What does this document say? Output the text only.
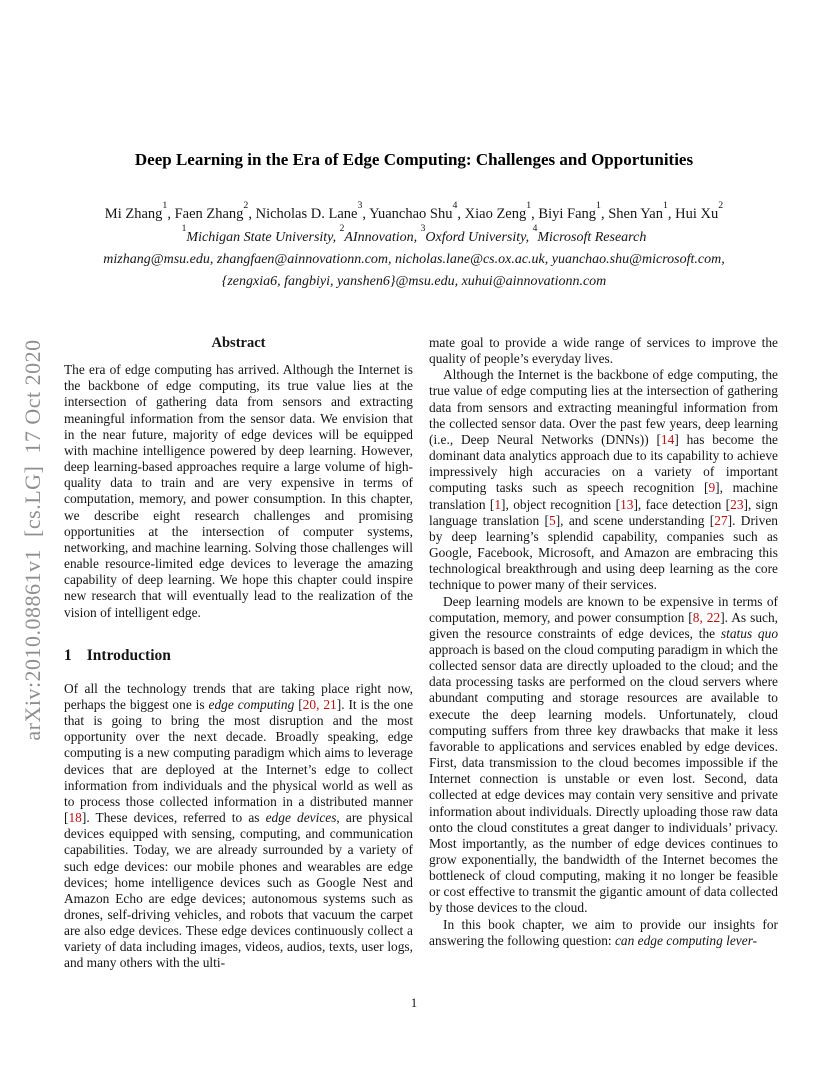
arXiv:2010.08861v1  [cs.LG]  17 Oct 2020
Deep Learning in the Era of Edge Computing: Challenges and Opportunities
Mi Zhang$^1$, Faen Zhang$^2$, Nicholas D. Lane$^3$, Yuanchao Shu$^4$, Xiao Zeng$^1$, Biyi Fang$^1$, Shen Yan$^1$, Hui Xu$^2$
$^1$Michigan State University, $^2$AInnovation, $^3$Oxford University, $^4$Microsoft Research
mizhang@msu.edu, zhangfaen@ainnovationn.com, nicholas.lane@cs.ox.ac.uk, yuanchao.shu@microsoft.com,
{zengxia6, fangbiyi, yanshen6}@msu.edu, xuhui@ainnovationn.com
Abstract

The era of edge computing has arrived. Although the Internet is the backbone of edge computing, its true value lies at the intersection of gathering data from sensors and extracting meaningful information from the sensor data. We envision that in the near future, majority of edge devices will be equipped with machine intelligence powered by deep learning. However, deep learning-based approaches require a large volume of high-quality data to train and are very expensive in terms of computation, memory, and power consumption. In this chapter, we describe eight research challenges and promising opportunities at the intersection of computer systems, networking, and machine learning. Solving those challenges will enable resource-limited edge devices to leverage the amazing capability of deep learning. We hope this chapter could inspire new research that will eventually lead to the realization of the vision of intelligent edge.

1 Introduction

Of all the technology trends that are taking place right now, perhaps the biggest one is edge computing [20, 21]. It is the one that is going to bring the most disruption and the most opportunity over the next decade. Broadly speaking, edge computing is a new computing paradigm which aims to leverage devices that are deployed at the Internet’s edge to collect information from individuals and the physical world as well as to process those collected information in a distributed manner [18]. These devices, referred to as edge devices, are physical devices equipped with sensing, computing, and communication capabilities. Today, we are already surrounded by a variety of such edge devices: our mobile phones and wearables are edge devices; home intelligence devices such as Google Nest and Amazon Echo are edge devices; autonomous systems such as drones, self-driving vehicles, and robots that vacuum the carpet are also edge devices. These edge devices continuously collect a variety of data including images, videos, audios, texts, user logs, and many others with the ulti-

mate goal to provide a wide range of services to improve the quality of people’s everyday lives.

Although the Internet is the backbone of edge computing, the true value of edge computing lies at the intersection of gathering data from sensors and extracting meaningful information from the collected sensor data. Over the past few years, deep learning (i.e., Deep Neural Networks (DNNs)) [14] has become the dominant data analytics approach due to its capability to achieve impressively high accuracies on a variety of important computing tasks such as speech recognition [9], machine translation [1], object recognition [13], face detection [23], sign language translation [5], and scene understanding [27]. Driven by deep learning’s splendid capability, companies such as Google, Facebook, Microsoft, and Amazon are embracing this technological breakthrough and using deep learning as the core technique to power many of their services.

Deep learning models are known to be expensive in terms of computation, memory, and power consumption [8, 22]. As such, given the resource constraints of edge devices, the status quo approach is based on the cloud computing paradigm in which the collected sensor data are directly uploaded to the cloud; and the data processing tasks are performed on the cloud servers where abundant computing and storage resources are available to execute the deep learning models. Unfortunately, cloud computing suffers from three key drawbacks that make it less favorable to applications and services enabled by edge devices. First, data transmission to the cloud becomes impossible if the Internet connection is unstable or even lost. Second, data collected at edge devices may contain very sensitive and private information about individuals. Directly uploading those raw data onto the cloud constitutes a great danger to individuals’ privacy. Most importantly, as the number of edge devices continues to grow exponentially, the bandwidth of the Internet becomes the bottleneck of cloud computing, making it no longer be feasible or cost effective to transmit the gigantic amount of data collected by those devices to the cloud.

In this book chapter, we aim to provide our insights for answering the following question: can edge computing lever-

1
